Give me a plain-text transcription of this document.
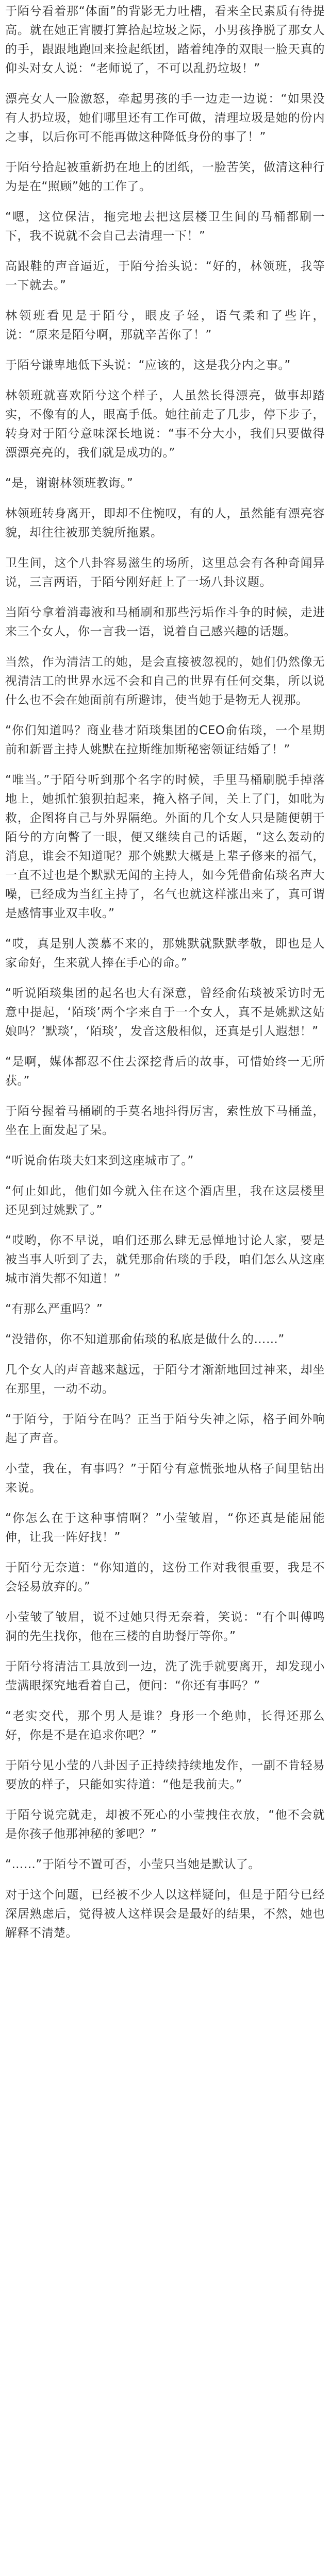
于陌兮看着那“体面”的背影无力吐槽，看来全民素质有待提高。就在她正宵腰打算拾起垃圾之际，小男孩挣脱了那女人的手，跟跟地跑回来捡起纸团，踏着纯净的双眼一脸天真的仰头对女人说：“老师说了，不可以乱扔垃圾！”

漂亮女人一脸激怒，牵起男孩的手一边走一边说：“如果没有人扔垃圾，她们哪里还有工作可做，清理垃圾是她的份内之事，以后你可不能再做这种降低身份的事了！”

于陌兮拾起被重新扔在地上的团纸，一脸苦笑，做清这种行为是在“照顾”她的工作了。

“嗯，这位保洁，拖完地去把这层楼卫生间的马桶都刷一下，我不说就不会自己去清理一下！”

高跟鞋的声音逼近，于陌兮抬头说：“好的，林领班，我等一下就去。”

林领班看见是于陌兮，眼皮子轻，语气柔和了些许，说：“原来是陌兮啊，那就辛苦你了！”

于陌兮谦卑地低下头说：“应该的，这是我分内之事。”

林领班就喜欢陌兮这个样子，人虽然长得漂亮，做事却踏实，不像有的人，眼高手低。她往前走了几步，停下步子，转身对于陌兮意味深长地说：“事不分大小，我们只要做得漂漂亮亮的，我们就是成功的。”

“是，谢谢林领班教诲。”

林领班转身离开，即却不住惋叹，有的人，虽然能有漂亮容貌，却往往被那美貌所拖累。

卫生间，这个八卦容易滋生的场所，这里总会有各种奇闻异说，三言两语，于陌兮刚好赶上了一场八卦议题。

当陌兮拿着消毒液和马桶刷和那些污垢作斗争的时候，走进来三个女人，你一言我一语，说着自己感兴趣的话题。

当然，作为清洁工的她，是会直接被忽视的，她们仍然像无视清洁工的世界水远不会和自己的世界有任何交集，所以说什么也不会在她面前有所避讳，使当她于是物无人视那。

“你们知道吗？商业巷才陌琰集团的CEO俞佑琰，一个星期前和新晋主持人姚默在拉斯维加斯秘密领证结婚了！”

“唯当。”于陌兮听到那个名字的时候，手里马桶刷脱手掉落地上，她抓忙狼狈拍起来，掩入格子间，关上了门，如吡为救，企图将自己与外界隔绝。外面的几个女人只是随便朝于陌兮的方向瞥了一眼，便又继续自己的话题，“这么轰动的消息，谁会不知道呢？那个姚默大概是上辈子修来的福气，一直不过也是个默默无闻的主持人，如今凭借俞佑琰名声大噪，已经成为当红主持了，名气也就这样涨出来了，真可谓是感情事业双丰收。”

“哎，真是别人羡慕不来的，那姚默就默默孝敬，即也是人家命好，生来就人捧在手心的命。”

“听说陌琰集团的起名也大有深意，曾经俞佑琰被采访时无意中提起，‘陌琰’两个字来自于一个女人，真不是姚默这姑娘吗？’默琰’，‘陌琰’，发音这般相似，还真是引人遐想！”

“是啊，媒体都忍不住去深挖背后的故事，可惜始终一无所获。”

于陌兮握着马桶刷的手莫名地抖得厉害，索性放下马桶盖，坐在上面发起了呆。

“听说俞佑琰夫妇来到这座城市了。”

“何止如此，他们如今就入住在这个酒店里，我在这层楼里还见到过姚默了。”

“哎哟，你不早说，咱们还那么肆无忌惮地讨论人家，要是被当事人听到了去，就凭那俞佑琰的手段，咱们怎么从这座城市消失都不知道！”

“有那么严重吗？”

“没错你，你不知道那俞佑琰的私底是做什么的……”

几个女人的声音越来越远，于陌兮才渐渐地回过神来，却坐在那里，一动不动。

“于陌兮，于陌兮在吗？正当于陌兮失神之际，格子间外响起了声音。

小莹，我在，有事吗？”于陌兮有意慌张地从格子间里钻出来说。

“你怎么在于这种事情啊？”小莹皱眉，“你还真是能屈能伸，让我一阵好找！”

于陌兮无奈道：“你知道的，这份工作对我很重要，我是不会轻易放弃的。”

小莹皱了皱眉，说不过她只得无奈着，笑说：“有个叫傅鸣洞的先生找你，他在三楼的自助餐厅等你。”

于陌兮将清洁工具放到一边，洗了洗手就要离开，却发现小莹满眼探究地看着自己，便问：“你还有事吗？”

“老实交代，那个男人是谁？身形一个绝帅，长得还那么好，你是不是在追求你吧？”

于陌兮见小莹的八卦因子正持续持续地发作，一副不肯轻易要放的样子，只能如实待道：“他是我前夫。”

于陌兮说完就走，却被不死心的小莹拽住衣放，“他不会就是你孩子他那神秘的爹吧？”

“……”于陌兮不置可否，小莹只当她是默认了。

对于这个问题，已经被不少人以这样疑问，但是于陌兮已经深居熟虑后，觉得被人这样误会是最好的结果，不然，她也解释不清楚。
